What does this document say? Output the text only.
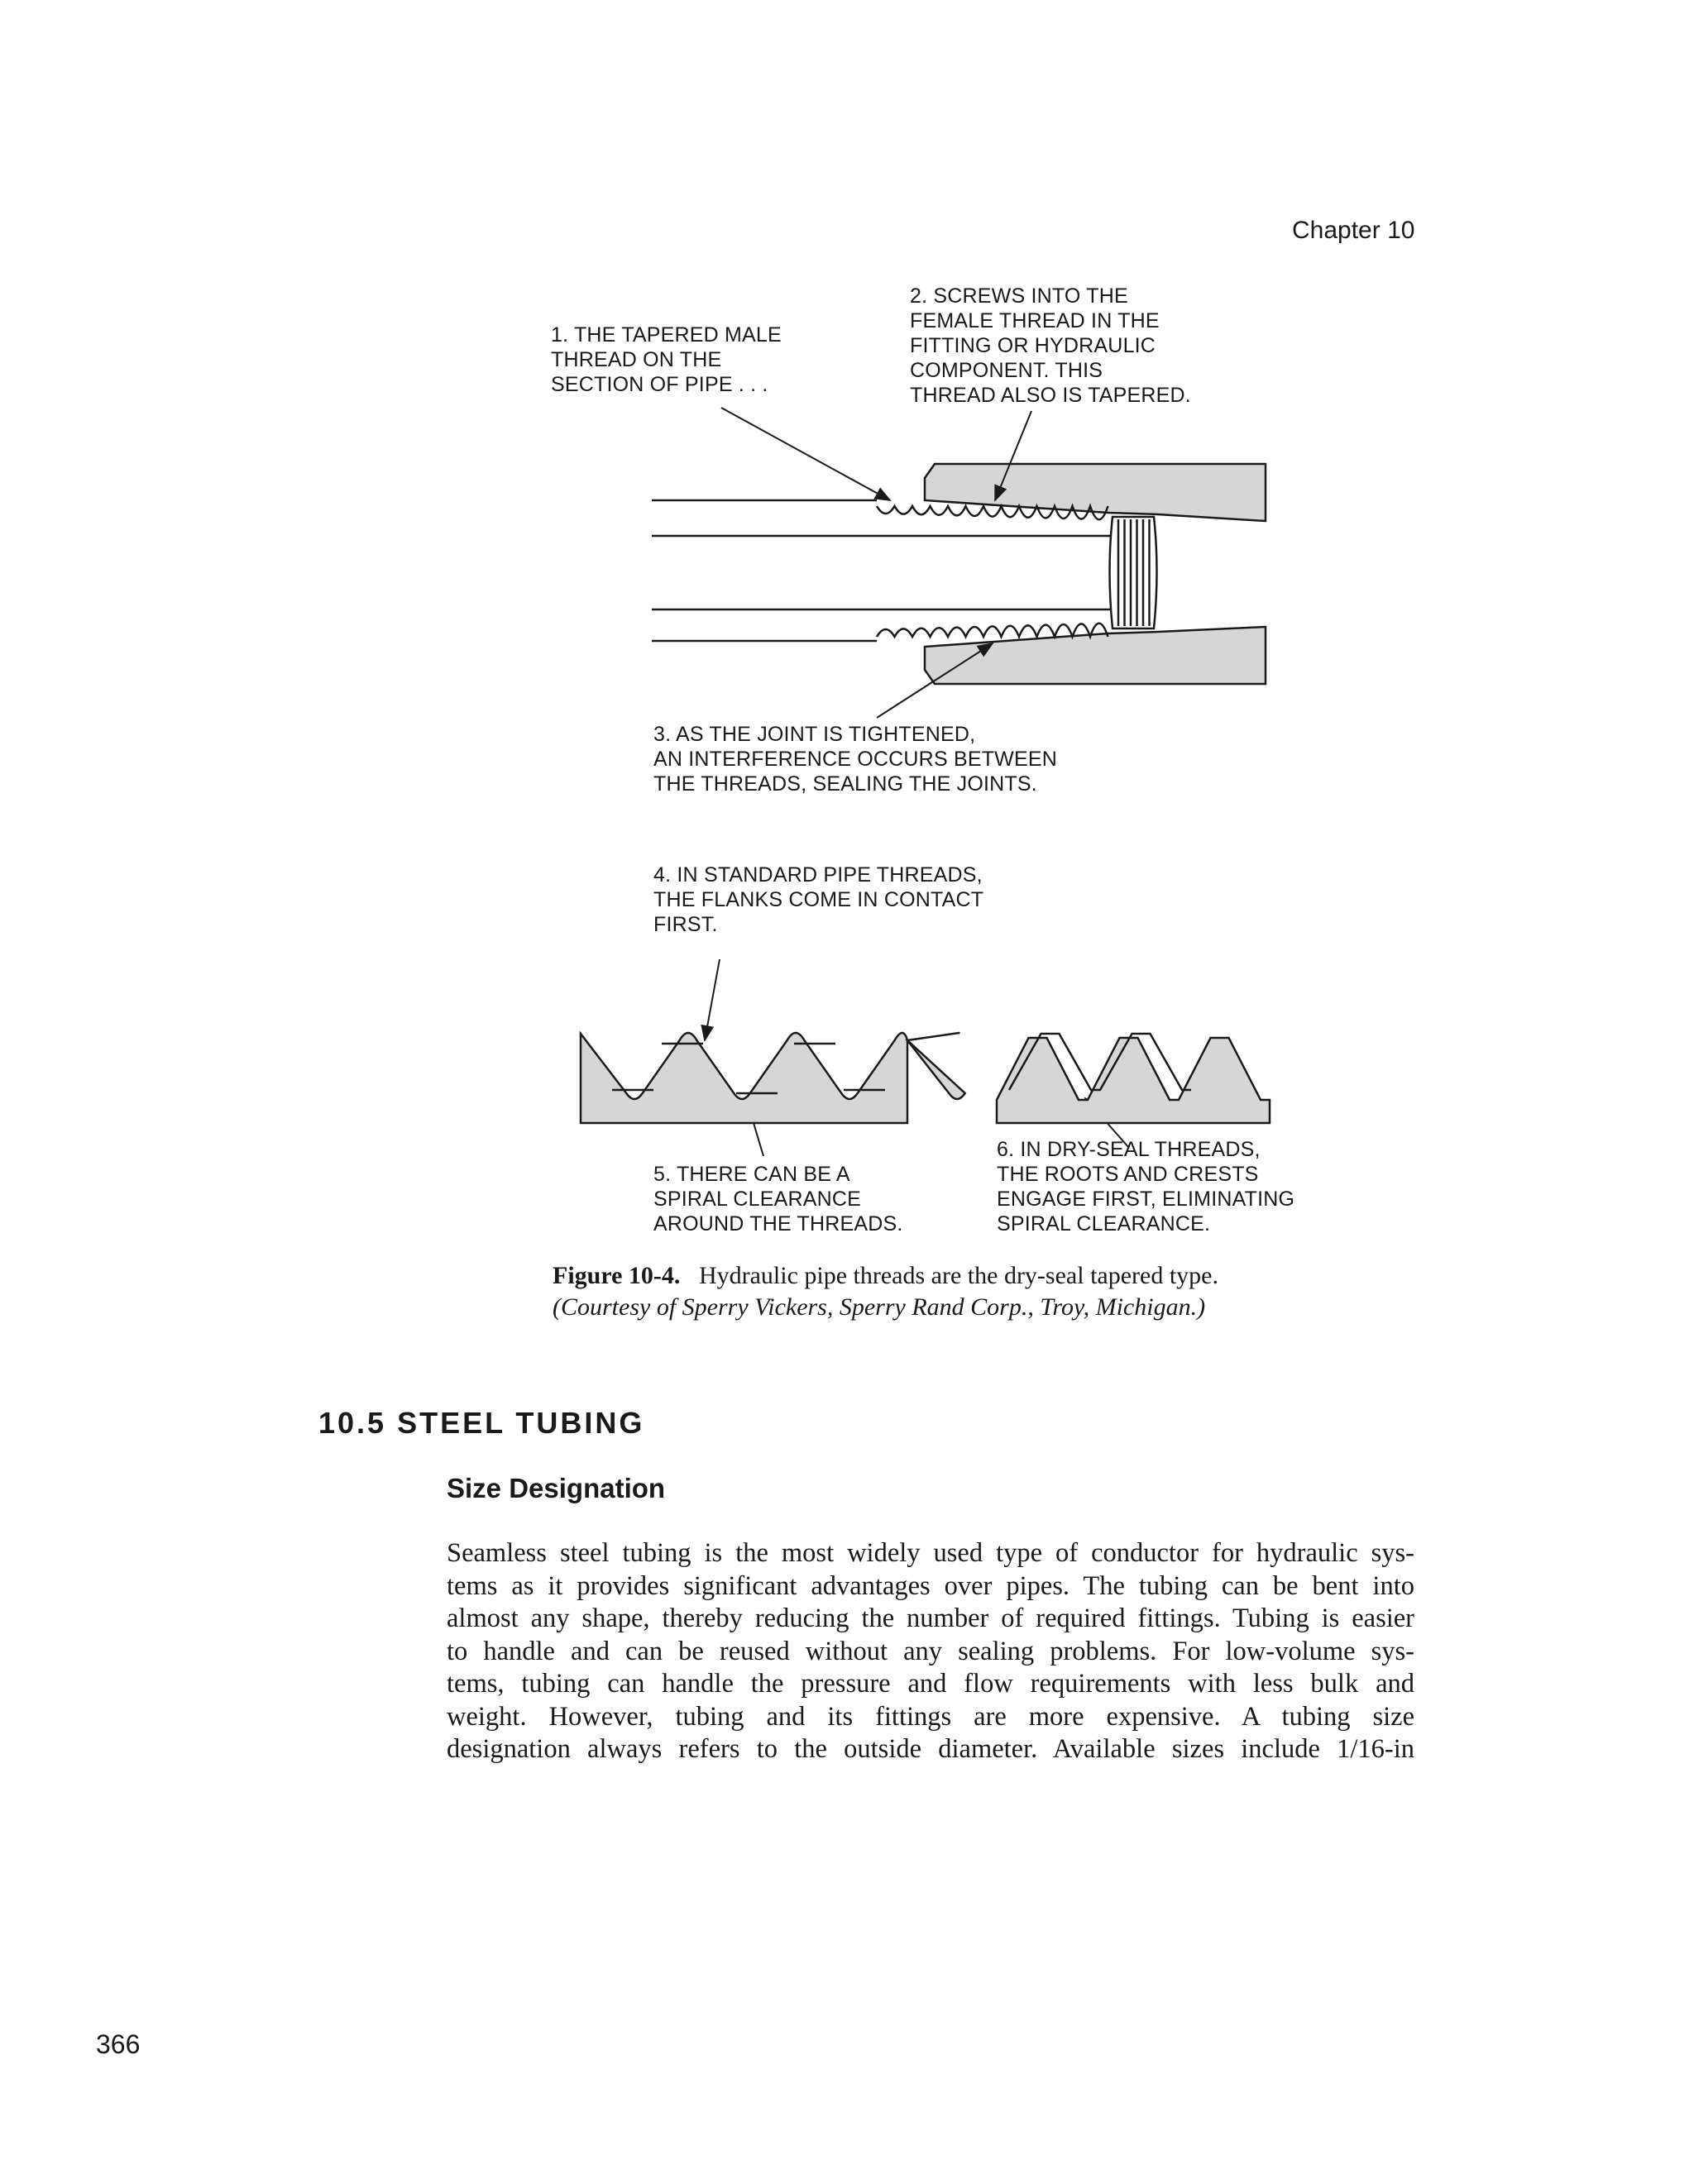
Chapter 10
1. THE TAPERED MALE
THREAD ON THE
SECTION OF PIPE . . .
2. SCREWS INTO THE
FEMALE THREAD IN THE
FITTING OR HYDRAULIC
COMPONENT. THIS
THREAD ALSO IS TAPERED.
3. AS THE JOINT IS TIGHTENED,
AN INTERFERENCE OCCURS BETWEEN
THE THREADS, SEALING THE JOINTS.
4. IN STANDARD PIPE THREADS,
THE FLANKS COME IN CONTACT
FIRST.
5. THERE CAN BE A
SPIRAL CLEARANCE
AROUND THE THREADS.
6. IN DRY-SEAL THREADS,
THE ROOTS AND CRESTS
ENGAGE FIRST, ELIMINATING
SPIRAL CLEARANCE.
Figure 10-4. Hydraulic pipe threads are the dry-seal tapered type.
(Courtesy of Sperry Vickers, Sperry Rand Corp., Troy, Michigan.)
10.5 STEEL TUBING
Size Designation
Seamless steel tubing is the most widely used type of conductor for hydraulic sys-
tems as it provides significant advantages over pipes. The tubing can be bent into
almost any shape, thereby reducing the number of required fittings. Tubing is easier
to handle and can be reused without any sealing problems. For low-volume sys-
tems, tubing can handle the pressure and flow requirements with less bulk and
weight. However, tubing and its fittings are more expensive. A tubing size
designation always refers to the outside diameter. Available sizes include 1/16-in
366
